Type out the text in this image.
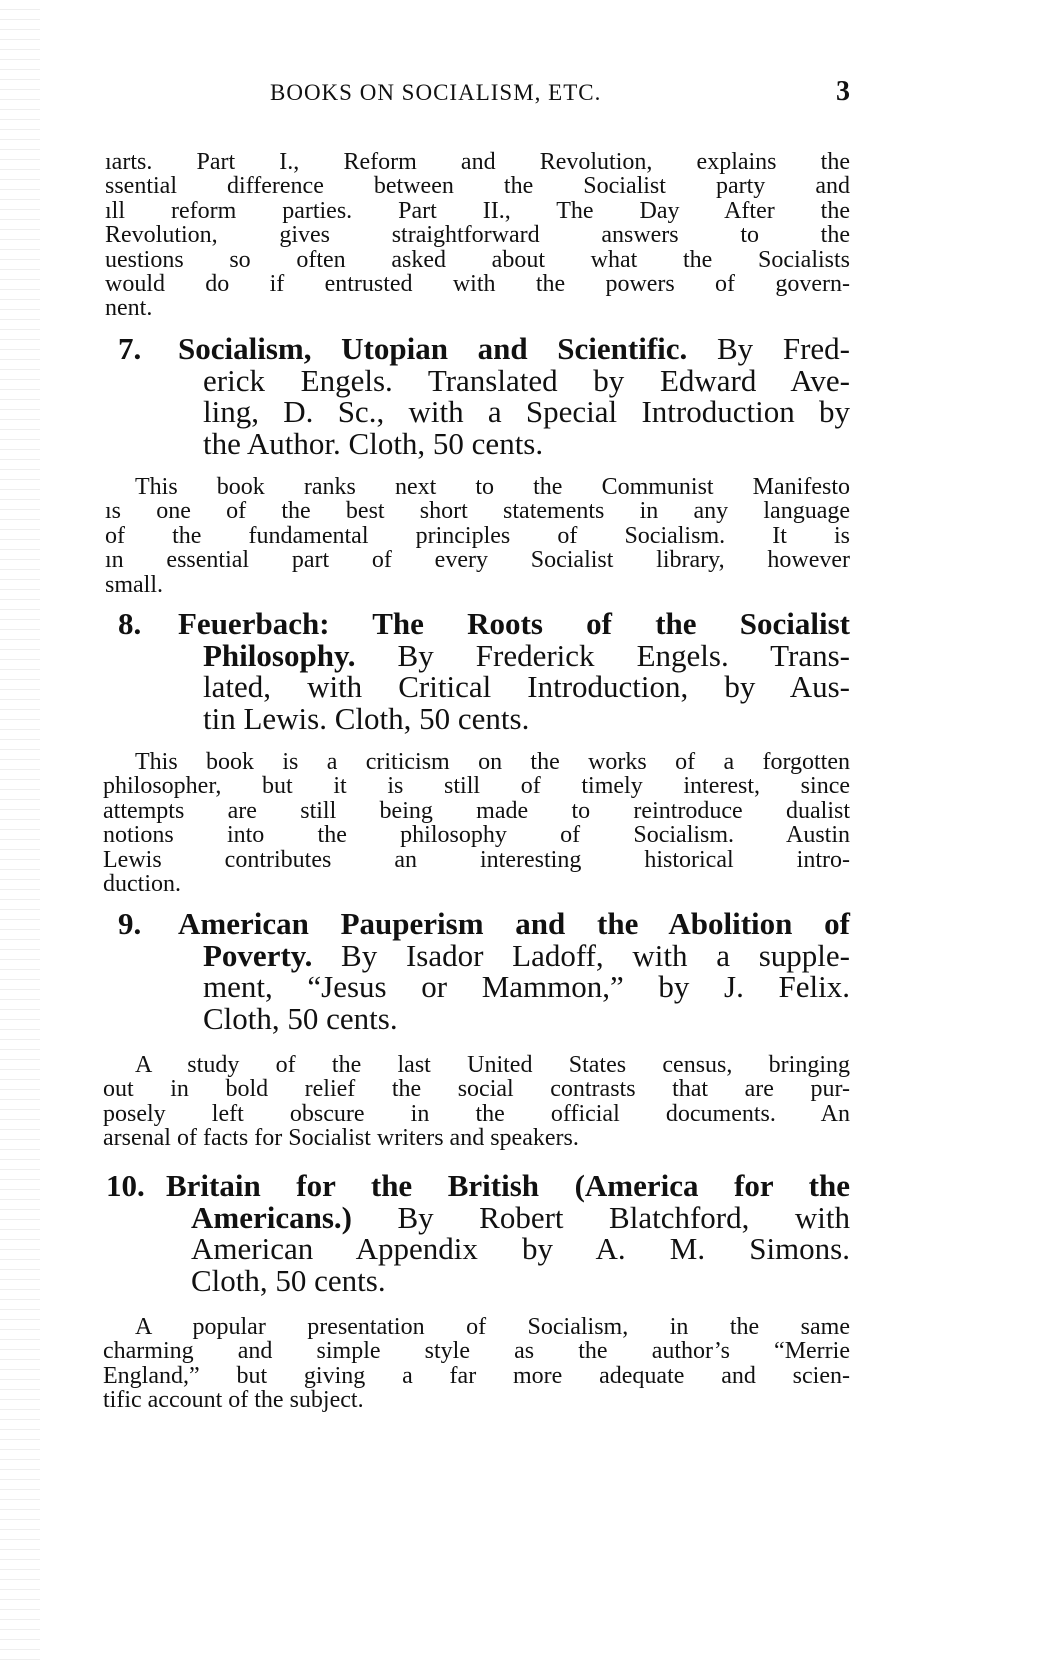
BOOKS ON SOCIALISM, ETC.	3
ıarts. Part I., Reform and Revolution, explains the
ssential difference between the Socialist party and
ıll reform parties. Part II., The Day After the
Revolution, gives straightforward answers to the
uestions so often asked about what the Socialists
would do if entrusted with the powers of govern-
nent.
7. Socialism, Utopian and Scientific. By Fred-
erick Engels. Translated by Edward Ave-
ling, D. Sc., with a Special Introduction by
the Author. Cloth, 50 cents.
This book ranks next to the Communist Manifesto
ıs one of the best short statements in any language
of the fundamental principles of Socialism. It is
ın essential part of every Socialist library, however
small.
8. Feuerbach: The Roots of the Socialist
Philosophy. By Frederick Engels. Trans-
lated, with Critical Introduction, by Aus-
tin Lewis. Cloth, 50 cents.
This book is a criticism on the works of a forgotten
philosopher, but it is still of timely interest, since
attempts are still being made to reintroduce dualist
notions into the philosophy of Socialism. Austin
Lewis contributes an interesting historical intro-
duction.
9. American Pauperism and the Abolition of
Poverty. By Isador Ladoff, with a supple-
ment, “Jesus or Mammon,” by J. Felix.
Cloth, 50 cents.
A study of the last United States census, bringing
out in bold relief the social contrasts that are pur-
posely left obscure in the official documents. An
arsenal of facts for Socialist writers and speakers.
10. Britain for the British (America for the
Americans.) By Robert Blatchford, with
American Appendix by A. M. Simons.
Cloth, 50 cents.
A popular presentation of Socialism, in the same
charming and simple style as the author’s “Merrie
England,” but giving a far more adequate and scien-
tific account of the subject.
